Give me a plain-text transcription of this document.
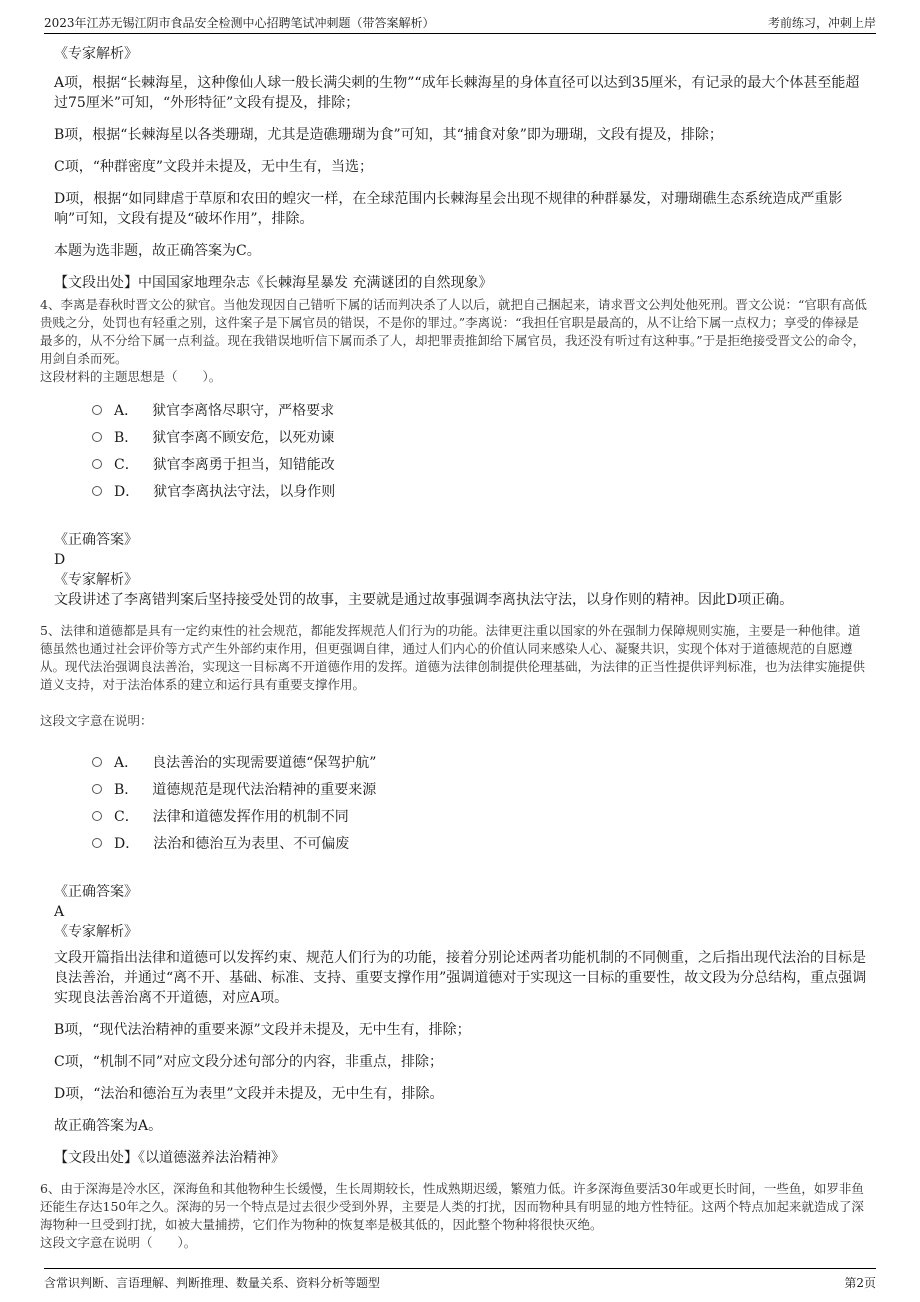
2023年江苏无锡江阴市食品安全检测中心招聘笔试冲刺题（带答案解析）	考前练习，冲刺上岸

《专家解析》

A项，根据“长棘海星，这种像仙人球一般长满尖刺的生物”“成年长棘海星的身体直径可以达到35厘米，有记录的最大个体甚至能超过75厘米”可知，“外形特征”文段有提及，排除；

B项，根据“长棘海星以各类珊瑚，尤其是造礁珊瑚为食”可知，其“捕食对象”即为珊瑚，文段有提及，排除；

C项，“种群密度”文段并未提及，无中生有，当选；

D项，根据“如同肆虐于草原和农田的蝗灾一样，在全球范围内长棘海星会出现不规律的种群暴发，对珊瑚礁生态系统造成严重影响”可知，文段有提及“破坏作用”，排除。

本题为选非题，故正确答案为C。

【文段出处】中国国家地理杂志《长棘海星暴发 充满谜团的自然现象》

4、李离是春秋时晋文公的狱官。当他发现因自己错听下属的话而判决杀了人以后，就把自己捆起来，请求晋文公判处他死刑。晋文公说：“官职有高低贵贱之分，处罚也有轻重之别，这件案子是下属官员的错误，不是你的罪过。”李离说：“我担任官职是最高的，从不让给下属一点权力；享受的俸禄是最多的，从不分给下属一点利益。现在我错误地听信下属而杀了人，却把罪责推卸给下属官员，我还没有听过有这种事。”于是拒绝接受晋文公的命令，用剑自杀而死。

这段材料的主题思想是（　　）。

A． 狱官李离恪尽职守，严格要求
B． 狱官李离不顾安危，以死劝谏
C． 狱官李离勇于担当，知错能改
D． 狱官李离执法守法，以身作则

《正确答案》

D

《专家解析》

文段讲述了李离错判案后坚持接受处罚的故事，主要就是通过故事强调李离执法守法，以身作则的精神。因此D项正确。

5、法律和道德都是具有一定约束性的社会规范，都能发挥规范人们行为的功能。法律更注重以国家的外在强制力保障规则实施，主要是一种他律。道德虽然也通过社会评价等方式产生外部约束作用，但更强调自律，通过人们内心的价值认同来感染人心、凝聚共识，实现个体对于道德规范的自愿遵从。现代法治强调良法善治，实现这一目标离不开道德作用的发挥。道德为法律创制提供伦理基础，为法律的正当性提供评判标准，也为法律实施提供道义支持，对于法治体系的建立和运行具有重要支撑作用。

这段文字意在说明：

A． 良法善治的实现需要道德“保驾护航”
B． 道德规范是现代法治精神的重要来源
C． 法律和道德发挥作用的机制不同
D． 法治和德治互为表里、不可偏废

《正确答案》

A

《专家解析》

文段开篇指出法律和道德可以发挥约束、规范人们行为的功能，接着分别论述两者功能机制的不同侧重，之后指出现代法治的目标是良法善治，并通过“离不开、基础、标准、支持、重要支撑作用”强调道德对于实现这一目标的重要性，故文段为分总结构，重点强调实现良法善治离不开道德，对应A项。

B项，“现代法治精神的重要来源”文段并未提及，无中生有，排除；

C项，“机制不同”对应文段分述句部分的内容，非重点，排除；

D项，“法治和德治互为表里”文段并未提及，无中生有，排除。

故正确答案为A。

【文段出处】《以道德滋养法治精神》

6、由于深海是冷水区，深海鱼和其他物种生长缓慢，生长周期较长，性成熟期迟缓，繁殖力低。许多深海鱼要活30年或更长时间，一些鱼，如罗非鱼还能生存达150年之久。深海的另一个特点是过去很少受到外界，主要是人类的打扰，因而物种具有明显的地方性特征。这两个特点加起来就造成了深海物种一旦受到打扰，如被大量捕捞，它们作为物种的恢复率是极其低的，因此整个物种将很快灭绝。

这段文字意在说明（　　）。

含常识判断、言语理解、判断推理、数量关系、资料分析等题型	第2页
